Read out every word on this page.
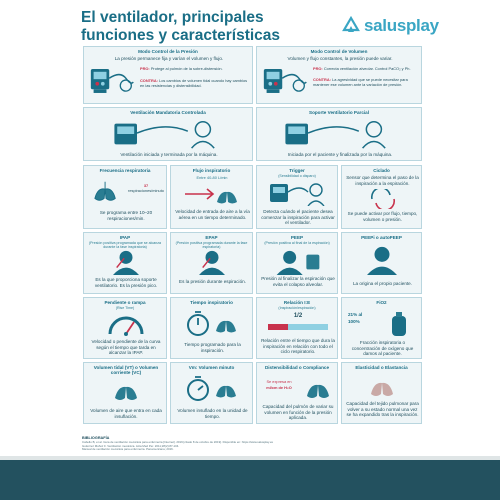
El ventilador, principales funciones y características
salusplay
Modo Control de la Presión
La presión permanece fija y varían el volumen y flujo.
PRO: Protege al pulmón de la sobre-distensión.
CONTRA: Los cambios de volumen tidal cuando hay cambios en las resistencias y distensibilidad.
Modo Control de Volumen
Volumen y flujo constantes, la presión puede variar.
PRO: Correcta ventilación alveolar. Control PaCO₂ y Ph.
CONTRA: La agresividad que se puede necesitar para mantener ese volumen ante la variación de presión.
Ventilación Mandatoria Controlada
Ventilación iniciada y terminada por la máquina.
Soporte Ventilatorio Parcial
Iniciada por el paciente y finalizada por la máquina.
Frecuencia respiratoria
37 respiraciones/minuto
Se programa entre 10–20 respiraciones/min.
Flujo inspiratorio
Entre 40-80 L/min
Velocidad de entrada de aire a la vía aérea en un tiempo determinado.
Trigger
(Sensibilidad o disparo)
Detecta cuándo el paciente desea comenzar la inspiración para activar el ventilador.
Ciclado
Sensor que determina el paso de la inspiración a la espiración.
Se puede activar por flujo, tiempo, volumen o presión.
IPAP
(Presión positiva programada que se alcanza durante la fase inspiratoria)
Es la que proporciona soporte ventilatorio. Es la presión pico.
EPAP
(Presión positiva programada durante la fase espiratoria)
Es la presión durante espiración.
PEEP
(Presión positiva al final de la espiración)
Presión al finalizar la espiración que evita el colapso alveolar.
PEEPi o autoPEEP
La origina el propio paciente.
Pendiente o rampa
(Rise Time)
Velocidad o pendiente de la curva según el tiempo que tarda en alcanzar la IPAP.
Tiempo inspiratorio
Tiempo programado para la inspiración.
Relación I:E
(Inspiración/espiración)
1/2
Relación entre el tiempo que dura la inspiración en relación con todo el ciclo respiratorio.
FiO2
21% al
100%
Fracción inspiratoria o concentración de oxígeno que damos al paciente.
Volumen tidal (VT) o Volumen corriente (VC)
Volumen de aire que entra en cada insuflación.
Vm: Volumen minuto
Volumen insuflado en la unidad de tiempo.
Distensibilidad o Compliance
Se expresa en
ml/cm de H₂O
Capacidad del pulmón de variar su volumen en función de la presión aplicada.
Elasticidad o Elastancia
Capacidad del tejido pulmonar para volver a su estado normal una vez se ha expandido tras la inspiración.
BIBLIOGRAFÍA
Cabello B, et al. Guía de ventilación mecánica para enfermería [Internet]. 2019 [citado 8 de octubre de 2019]. Disponible en: https://www.salusplay.es
Gutiérrez Muñoz F. Ventilación mecánica. Acta Med Per. 2011;28(2):87-104.
Manual de ventilación mecánica para enfermería. Panamericana; 2016.
